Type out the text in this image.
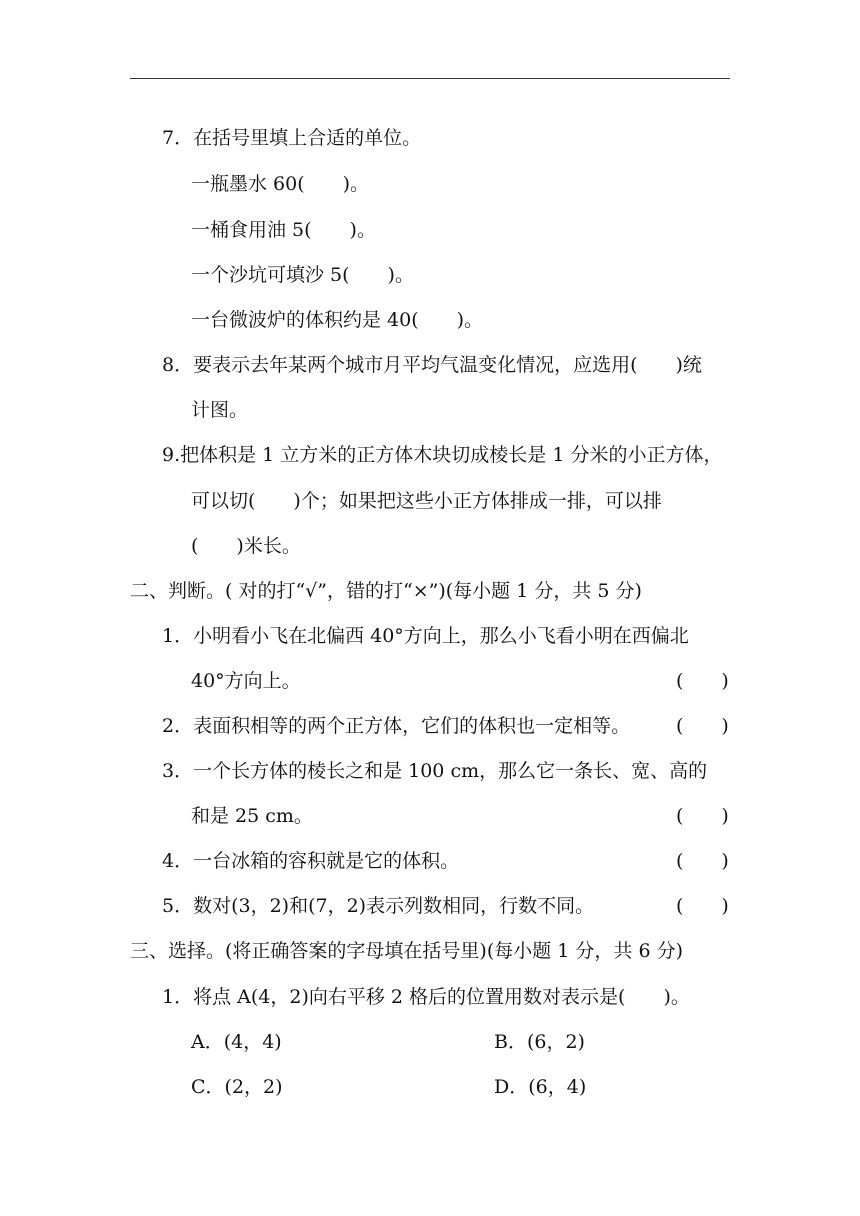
7．在括号里填上合适的单位。
一瓶墨水 60(　　)。
一桶食用油 5(　　)。
一个沙坑可填沙 5(　　)。
一台微波炉的体积约是 40(　　)。
8．要表示去年某两个城市月平均气温变化情况，应选用(　　)统
计图。
9.把体积是 1 立方米的正方体木块切成棱长是 1 分米的小正方体，
可以切(　　)个；如果把这些小正方体排成一排，可以排
(　　)米长。
二、判断。( 对的打“√”，错的打“×”)(每小题 1 分，共 5 分)
1．小明看小飞在北偏西 40°方向上，那么小飞看小明在西偏北
40°方向上。	(　　)
2．表面积相等的两个正方体，它们的体积也一定相等。 (　　)
3．一个长方体的棱长之和是 100 cm，那么它一条长、宽、高的
和是 25 cm。	(　　)
4．一台冰箱的容积就是它的体积。	(　　)
5．数对(3，2)和(7，2)表示列数相同，行数不同。	(　　)
三、选择。(将正确答案的字母填在括号里)(每小题 1 分，共 6 分)
1．将点 A(4，2)向右平移 2 格后的位置用数对表示是(　　)。
A．(4，4)	B．(6，2)
C．(2，2)	D．(6，4)
